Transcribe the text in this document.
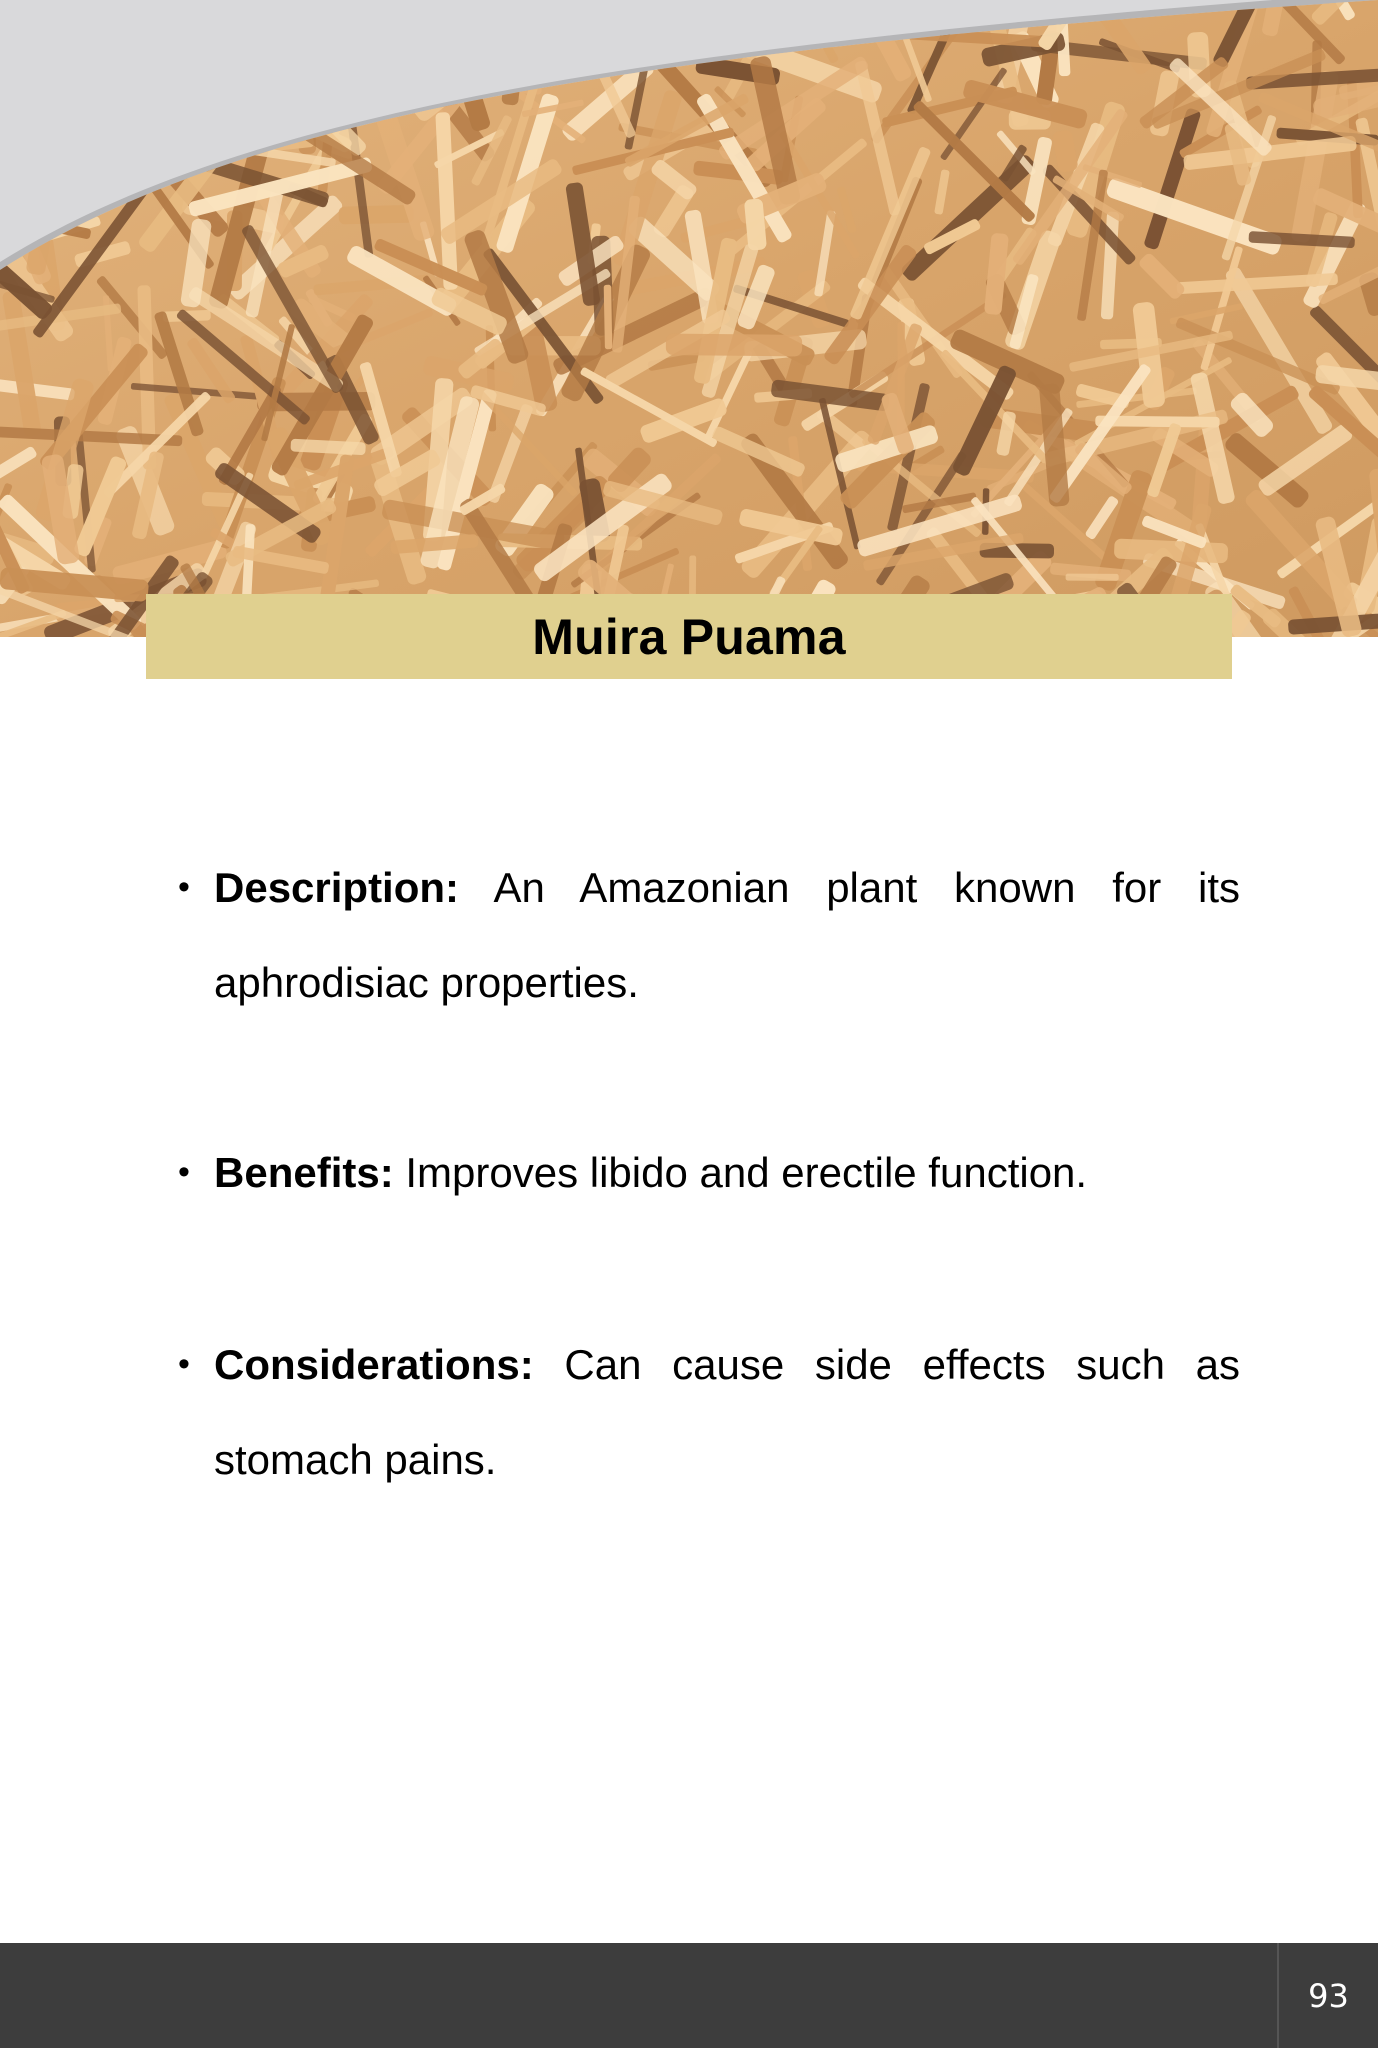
Muira Puama

• Description: An Amazonian plant known for its aphrodisiac properties.

• Benefits: Improves libido and erectile function.

• Considerations: Can cause side effects such as stomach pains.

93
